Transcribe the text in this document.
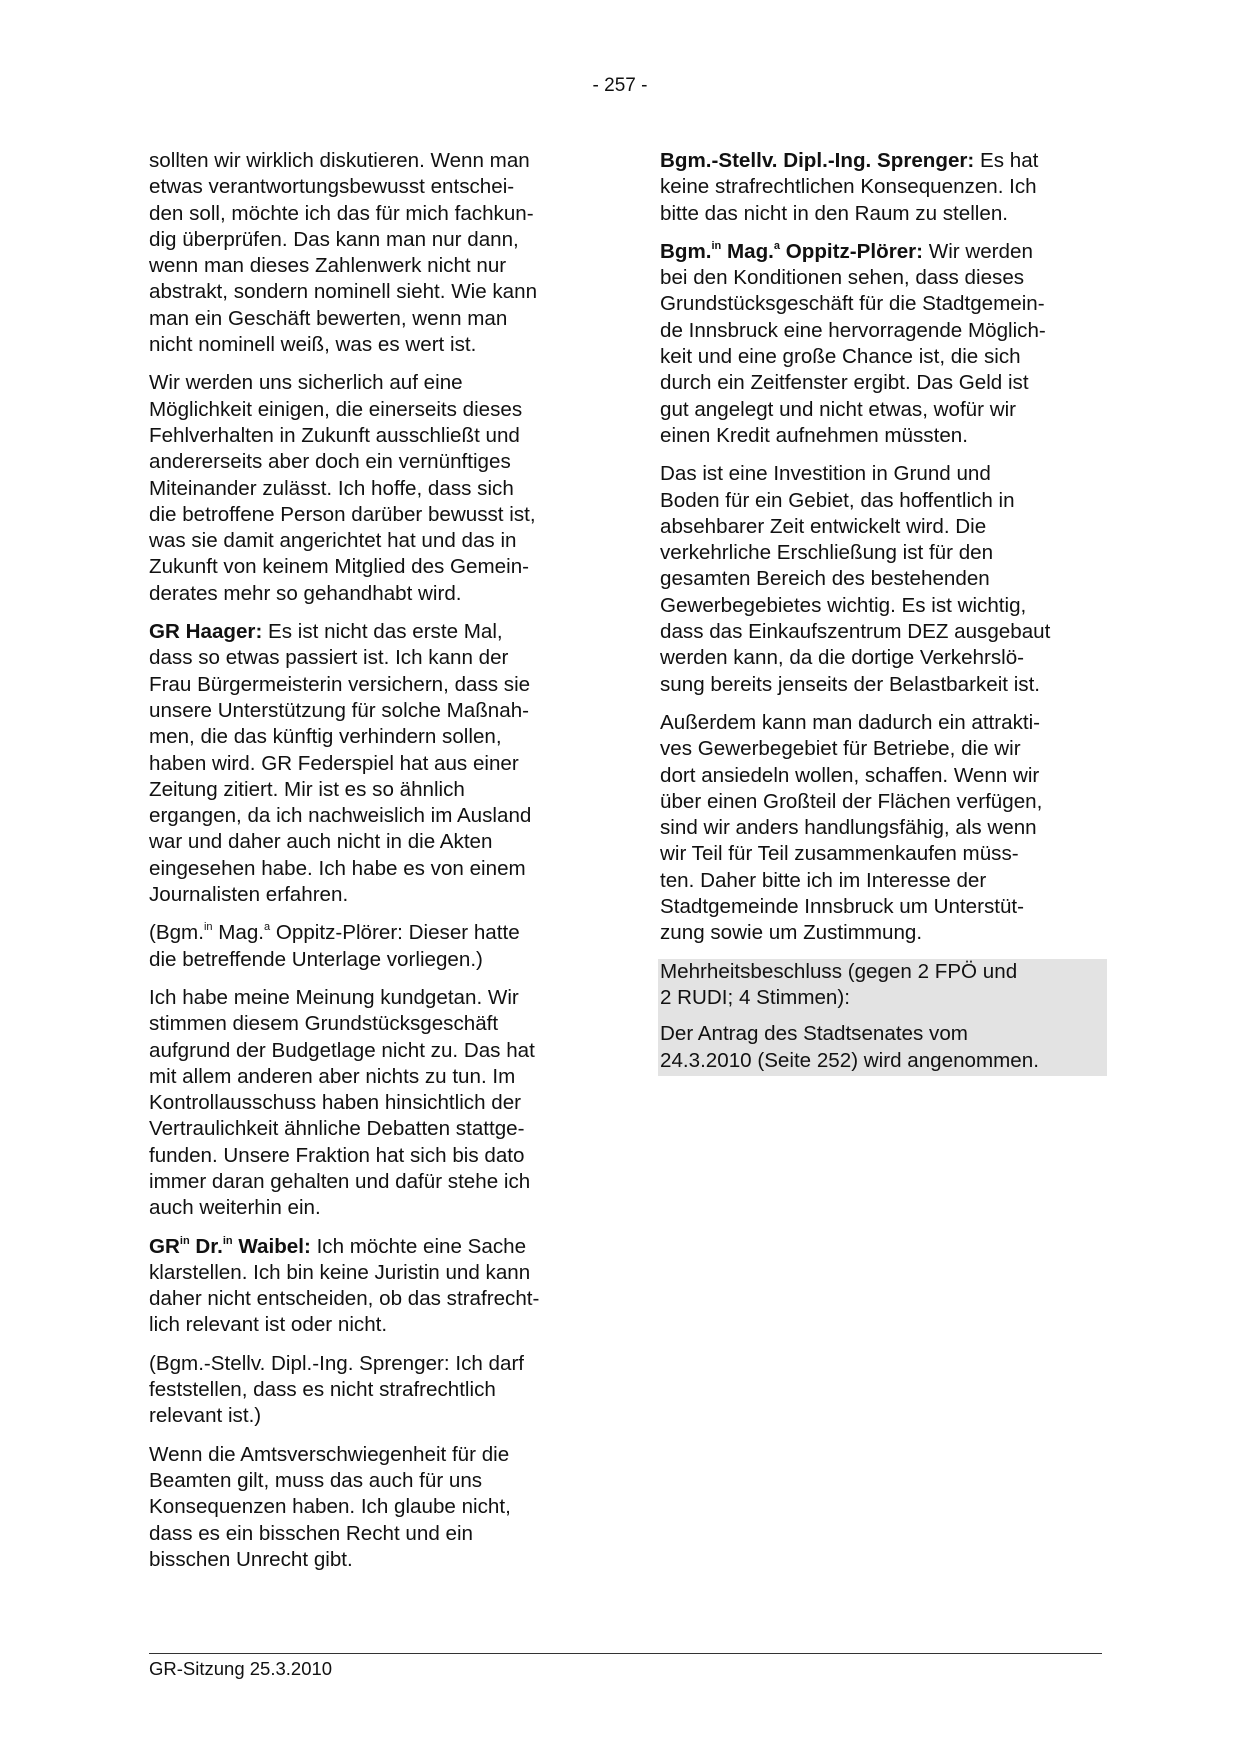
- 257 -

sollten wir wirklich diskutieren. Wenn man
etwas verantwortungsbewusst entschei-
den soll, möchte ich das für mich fachkun-
dig überprüfen. Das kann man nur dann,
wenn man dieses Zahlenwerk nicht nur
abstrakt, sondern nominell sieht. Wie kann
man ein Geschäft bewerten, wenn man
nicht nominell weiß, was es wert ist.

Wir werden uns sicherlich auf eine
Möglichkeit einigen, die einerseits dieses
Fehlverhalten in Zukunft ausschließt und
andererseits aber doch ein vernünftiges
Miteinander zulässt. Ich hoffe, dass sich
die betroffene Person darüber bewusst ist,
was sie damit angerichtet hat und das in
Zukunft von keinem Mitglied des Gemein-
derates mehr so gehandhabt wird.

GR Haager: Es ist nicht das erste Mal,
dass so etwas passiert ist. Ich kann der
Frau Bürgermeisterin versichern, dass sie
unsere Unterstützung für solche Maßnah-
men, die das künftig verhindern sollen,
haben wird. GR Federspiel hat aus einer
Zeitung zitiert. Mir ist es so ähnlich
ergangen, da ich nachweislich im Ausland
war und daher auch nicht in die Akten
eingesehen habe. Ich habe es von einem
Journalisten erfahren.

(Bgm.$^{in}$ Mag.$^a$ Oppitz-Plörer: Dieser hatte
die betreffende Unterlage vorliegen.)

Ich habe meine Meinung kundgetan. Wir
stimmen diesem Grundstücksgeschäft
aufgrund der Budgetlage nicht zu. Das hat
mit allem anderen aber nichts zu tun. Im
Kontrollausschuss haben hinsichtlich der
Vertraulichkeit ähnliche Debatten stattge-
funden. Unsere Fraktion hat sich bis dato
immer daran gehalten und dafür stehe ich
auch weiterhin ein.

$GR^{in}$ Dr.$^{in}$ Waibel: Ich möchte eine Sache
klarstellen. Ich bin keine Juristin und kann
daher nicht entscheiden, ob das strafrecht-
lich relevant ist oder nicht.

(Bgm.-Stellv. Dipl.-Ing. Sprenger: Ich darf
feststellen, dass es nicht strafrechtlich
relevant ist.)

Wenn die Amtsverschwiegenheit für die
Beamten gilt, muss das auch für uns
Konsequenzen haben. Ich glaube nicht,
dass es ein bisschen Recht und ein
bisschen Unrecht gibt.

Bgm.-Stellv. Dipl.-Ing. Sprenger: Es hat
keine strafrechtlichen Konsequenzen. Ich
bitte das nicht in den Raum zu stellen.

Bgm.$^{in}$ Mag.$^a$ Oppitz-Plörer: Wir werden
bei den Konditionen sehen, dass dieses
Grundstücksgeschäft für die Stadtgemein-
de Innsbruck eine hervorragende Möglich-
keit und eine große Chance ist, die sich
durch ein Zeitfenster ergibt. Das Geld ist
gut angelegt und nicht etwas, wofür wir
einen Kredit aufnehmen müssten.

Das ist eine Investition in Grund und
Boden für ein Gebiet, das hoffentlich in
absehbarer Zeit entwickelt wird. Die
verkehrliche Erschließung ist für den
gesamten Bereich des bestehenden
Gewerbegebietes wichtig. Es ist wichtig,
dass das Einkaufszentrum DEZ ausgebaut
werden kann, da die dortige Verkehrslö-
sung bereits jenseits der Belastbarkeit ist.

Außerdem kann man dadurch ein attrakti-
ves Gewerbegebiet für Betriebe, die wir
dort ansiedeln wollen, schaffen. Wenn wir
über einen Großteil der Flächen verfügen,
sind wir anders handlungsfähig, als wenn
wir Teil für Teil zusammenkaufen müss-
ten. Daher bitte ich im Interesse der
Stadtgemeinde Innsbruck um Unterstüt-
zung sowie um Zustimmung.

Mehrheitsbeschluss (gegen 2 FPÖ und
2 RUDI; 4 Stimmen):

Der Antrag des Stadtsenates vom
24.3.2010 (Seite 252) wird angenommen.

GR-Sitzung 25.3.2010
